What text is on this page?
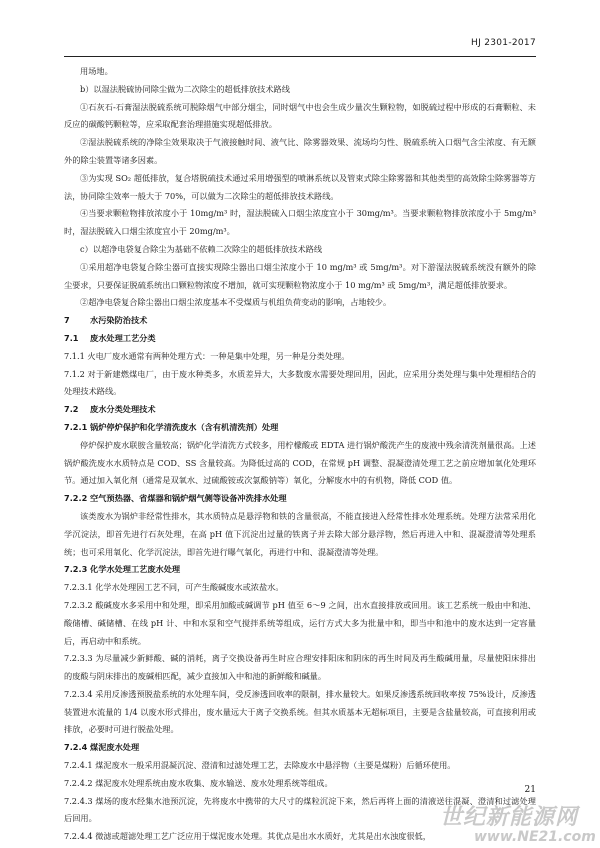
HJ 2301-2017

用场地。

b）以湿法脱硫协同除尘做为二次除尘的超低排放技术路线

①石灰石-石膏湿法脱硫系统可脱除烟气中部分烟尘，同时烟气中也会生成少量次生颗粒物，如脱硫过程中形成的石膏颗粒、未反应的碳酸钙颗粒等，应采取配套治理措施实现超低排放。

②湿法脱硫系统的净除尘效果取决于气液接触时间、液气比、除雾器效果、流场均匀性、脱硫系统入口烟气含尘浓度、有无额外的除尘装置等诸多因素。

③为实现 SO₂ 超低排放，复合塔脱硫技术通过采用增强型的喷淋系统以及管束式除尘除雾器和其他类型的高效除尘除雾器等方法，协同除尘效率一般大于 70%，可以做为二次除尘的超低排放技术路线。

④当要求颗粒物排放浓度小于 10mg/m³ 时，湿法脱硫入口烟尘浓度宜小于 30mg/m³。当要求颗粒物排放浓度小于 5mg/m³ 时，湿法脱硫入口烟尘浓度宜小于 20mg/m³。

c）以超净电袋复合除尘为基础不依赖二次除尘的超低排放技术路线

①采用超净电袋复合除尘器可直接实现除尘器出口烟尘浓度小于 10 mg/m³ 或 5mg/m³。对下游湿法脱硫系统没有额外的除尘要求，只要保证脱硫系统出口颗粒物浓度不增加，就可实现颗粒物浓度小于 10 mg/m³ 或 5mg/m³，满足超低排放要求。

②超净电袋复合除尘器出口烟尘浓度基本不受煤质与机组负荷变动的影响，占地较少。

7 水污染防治技术

7.1 废水处理工艺分类

7.1.1 火电厂废水通常有两种处理方式：一种是集中处理，另一种是分类处理。

7.1.2 对于新建燃煤电厂，由于废水种类多，水质差异大，大多数废水需要处理回用，因此，应采用分类处理与集中处理相结合的处理技术路线。

7.2 废水分类处理技术

7.2.1 锅炉停炉保护和化学清洗废水（含有机清洗剂）处理

停炉保护废水联胺含量较高；锅炉化学清洗方式较多，用柠檬酸或 EDTA 进行锅炉酸洗产生的废液中残余清洗剂量很高。上述锅炉酸洗废水水质特点是 COD、SS 含量较高。为降低过高的 COD，在常规 pH 调整、混凝澄清处理工艺之前应增加氧化处理环节。通过加入氧化剂（通常是双氧水、过硫酸铵或次氯酸钠等）氧化，分解废水中的有机物，降低 COD 值。

7.2.2 空气预热器、省煤器和锅炉烟气侧等设备冲洗排水处理

该类废水为锅炉非经常性排水，其水质特点是悬浮物和铁的含量很高，不能直接进入经常性排水处理系统。处理方法常采用化学沉淀法，即首先进行石灰处理，在高 pH 值下沉淀出过量的铁离子并去除大部分悬浮物，然后再进入中和、混凝澄清等处理系统；也可采用氧化、化学沉淀法，即首先进行曝气氧化，再进行中和、混凝澄清等处理。

7.2.3 化学水处理工艺废水处理

7.2.3.1 化学水处理因工艺不同，可产生酸碱废水或浓盐水。

7.2.3.2 酸碱废水多采用中和处理，即采用加酸或碱调节 pH 值至 6～9 之间，出水直接排放或回用。该工艺系统一般由中和池、酸储槽、碱储槽、在线 pH 计、中和水泵和空气搅拌系统等组成，运行方式大多为批量中和，即当中和池中的废水达到一定容量后，再启动中和系统。

7.2.3.3 为尽量减少新鲜酸、碱的消耗，离子交换设备再生时应合理安排阳床和阴床的再生时间及再生酸碱用量，尽量使阳床排出的废酸与阴床排出的废碱相匹配，减少直接加入中和池的新鲜酸和碱量。

7.2.3.4 采用反渗透预脱盐系统的水处理车间，受反渗透回收率的限制，排水量较大。如果反渗透系统回收率按 75%设计，反渗透装置进水流量的 1/4 以废水形式排出，废水量远大于离子交换系统。但其水质基本无超标项目，主要是含盐量较高，可直接利用或排放，必要时可进行脱盐处理。

7.2.4 煤泥废水处理

7.2.4.1 煤泥废水一般采用混凝沉淀、澄清和过滤处理工艺，去除废水中悬浮物（主要是煤粉）后循环使用。

7.2.4.2 煤泥废水处理系统由废水收集、废水输送、废水处理系统等组成。

7.2.4.3 煤场的废水经集水池预沉淀，先将废水中携带的大尺寸的煤粒沉淀下来，然后再将上面的清液送往混凝、澄清和过滤处理后回用。

7.2.4.4 微滤或超滤处理工艺广泛应用于煤泥废水处理。其优点是出水水质好，尤其是出水浊度很低，

21
世纪新能源网
www.NE21.com
